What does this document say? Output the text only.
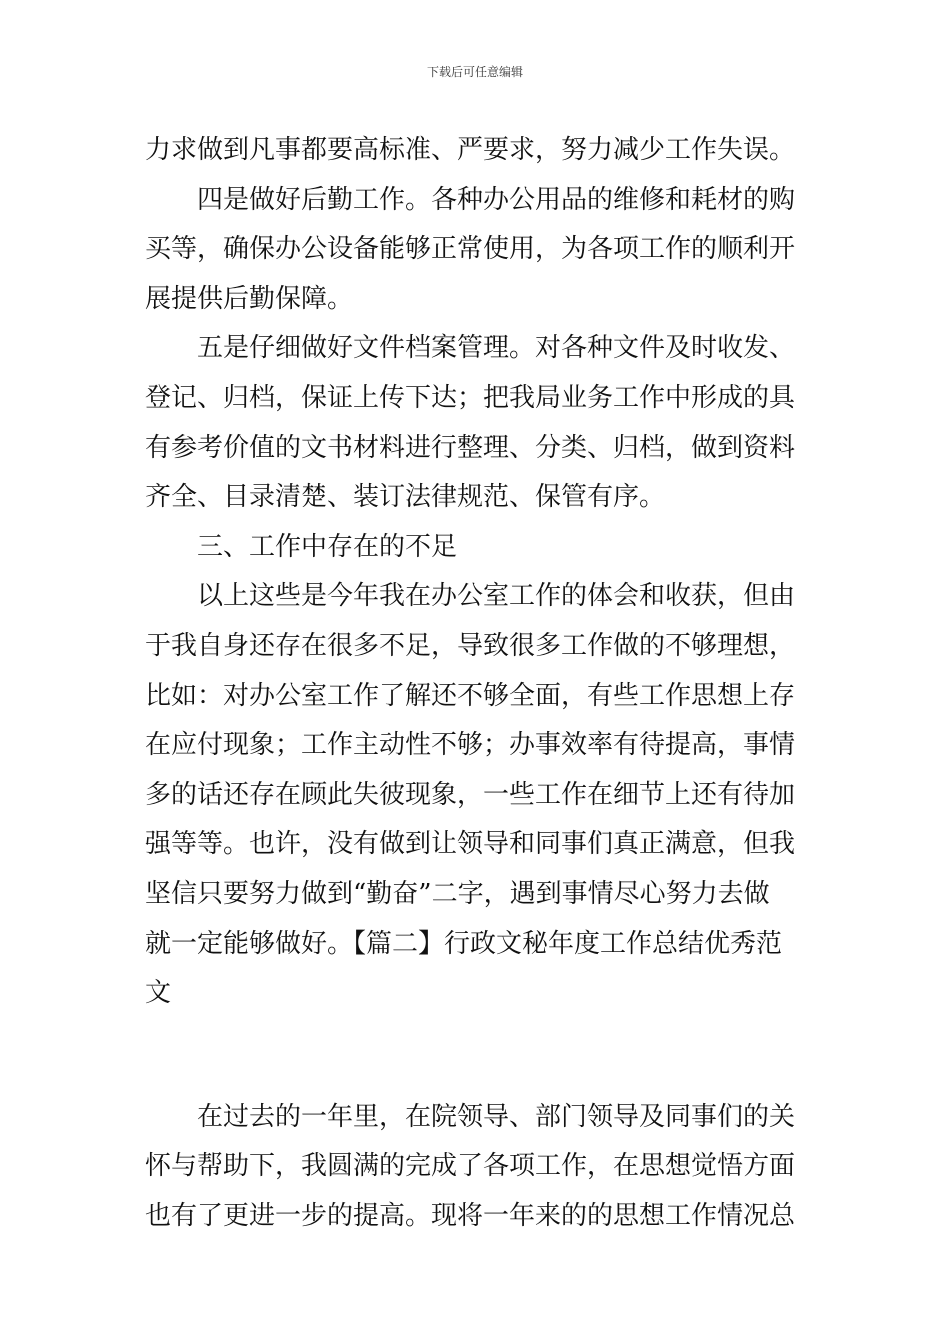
下载后可任意编辑
力求做到凡事都要高标准、严要求，努力减少工作失误。
四是做好后勤工作。各种办公用品的维修和耗材的购
买等，确保办公设备能够正常使用，为各项工作的顺利开
展提供后勤保障。
五是仔细做好文件档案管理。对各种文件及时收发、
登记、归档，保证上传下达；把我局业务工作中形成的具
有参考价值的文书材料进行整理、分类、归档，做到资料
齐全、目录清楚、装订法律规范、保管有序。
三、工作中存在的不足
以上这些是今年我在办公室工作的体会和收获，但由
于我自身还存在很多不足，导致很多工作做的不够理想，
比如：对办公室工作了解还不够全面，有些工作思想上存
在应付现象；工作主动性不够；办事效率有待提高，事情
多的话还存在顾此失彼现象，一些工作在细节上还有待加
强等等。也许，没有做到让领导和同事们真正满意，但我
坚信只要努力做到“勤奋”二字，遇到事情尽心努力去做
就一定能够做好。【篇二】行政文秘年度工作总结优秀范
文
在过去的一年里，在院领导、部门领导及同事们的关
怀与帮助下，我圆满的完成了各项工作，在思想觉悟方面
也有了更进一步的提高。现将一年来的的思想工作情况总
